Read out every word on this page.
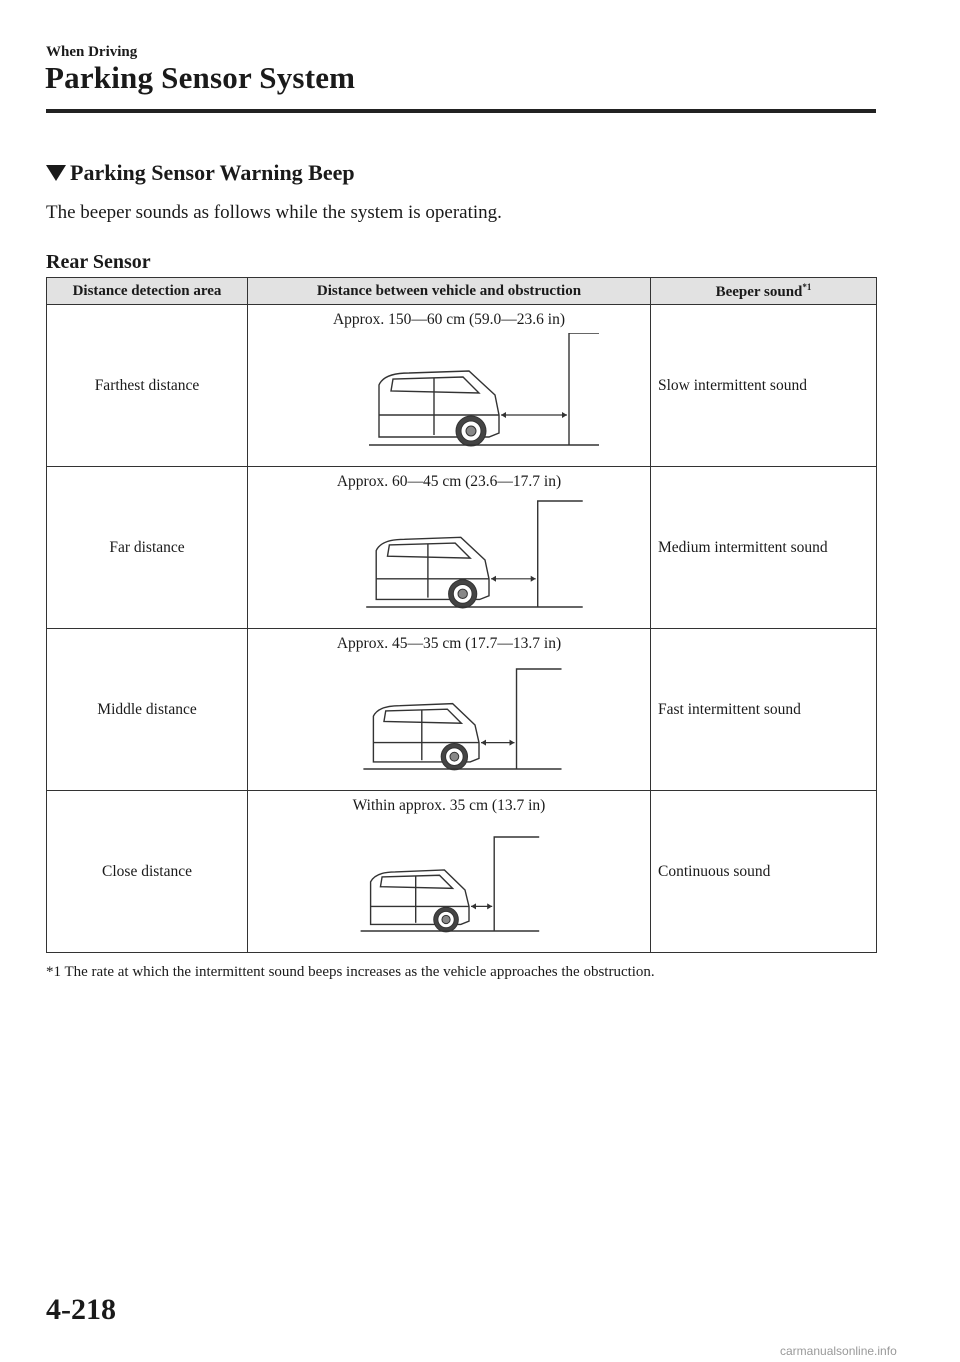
When Driving
Parking Sensor System
Parking Sensor Warning Beep
The beeper sounds as follows while the system is operating.
Rear Sensor
Distance detection area	Distance between vehicle and obstruction	Beeper sound$^{*1}$
Farthest distance	Approx. 150—60 cm (59.0—23.6 in)	Slow intermittent sound
Far distance	Approx. 60—45 cm (23.6—17.7 in)	Medium intermittent sound
Middle distance	Approx. 45—35 cm (17.7—13.7 in)	Fast intermittent sound
Close distance	Within approx. 35 cm (13.7 in)	Continuous sound
*1 The rate at which the intermittent sound beeps increases as the vehicle approaches the obstruction.
4-218
carmanualsonline.info
